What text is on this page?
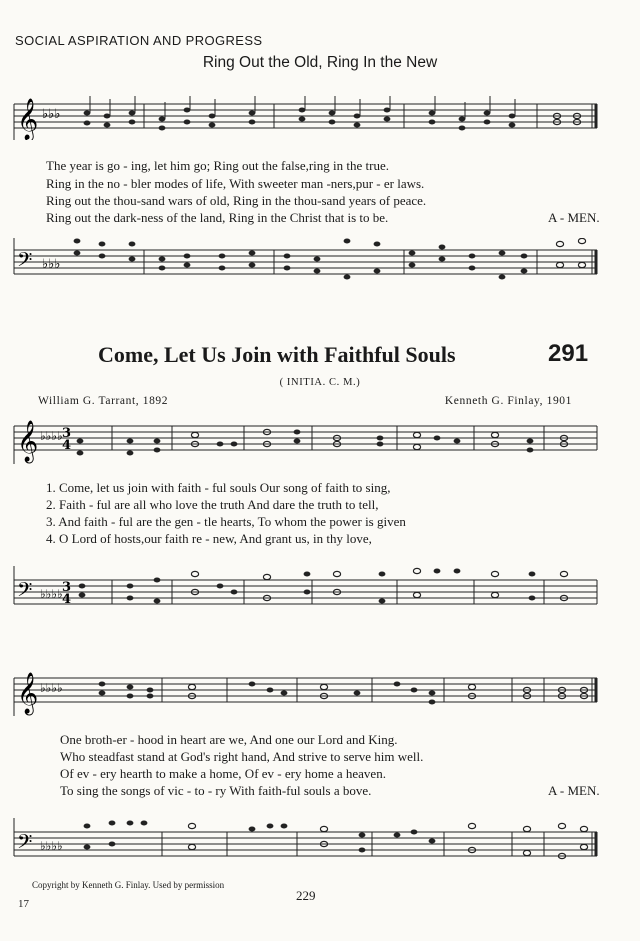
SOCIAL ASPIRATION AND PROGRESS
Ring Out the Old, Ring In the New
𝄞 ♭♭♭
The year is go - ing, let him go; Ring out the false,ring in the true.
Ring in the no - bler modes of life, With sweeter man -ners,pur - er laws.
Ring out the thou-sand wars of old, Ring in the thou-sand years of peace.
Ring out the dark-ness of the land, Ring in the Christ that is to be.	A - MEN.
𝄢 ♭♭♭
Come, Let Us Join with Faithful Souls	291
( INITIA. C. M.)
William G. Tarrant, 1892	Kenneth G. Finlay, 1901
𝄞 ♭♭♭♭ 3
4
1. Come, let us join with faith - ful souls Our song of faith to sing,
2. Faith - ful are all who love the truth And dare the truth to tell,
3. And faith - ful are the gen - tle hearts, To whom the power is given
4. O Lord of hosts,our faith re - new, And grant us, in thy love,
𝄢 ♭♭♭♭ 3
4
𝄞 ♭♭♭♭
One broth-er - hood in heart are we, And one our Lord and King.
Who steadfast stand at God's right hand, And strive to serve him well.
Of ev - ery hearth to make a home, Of ev - ery home a heaven.
To sing the songs of vic - to - ry With faith-ful souls a bove.	A - MEN.
𝄢 ♭♭♭♭
Copyright by Kenneth G. Finlay. Used by permission
229
17
